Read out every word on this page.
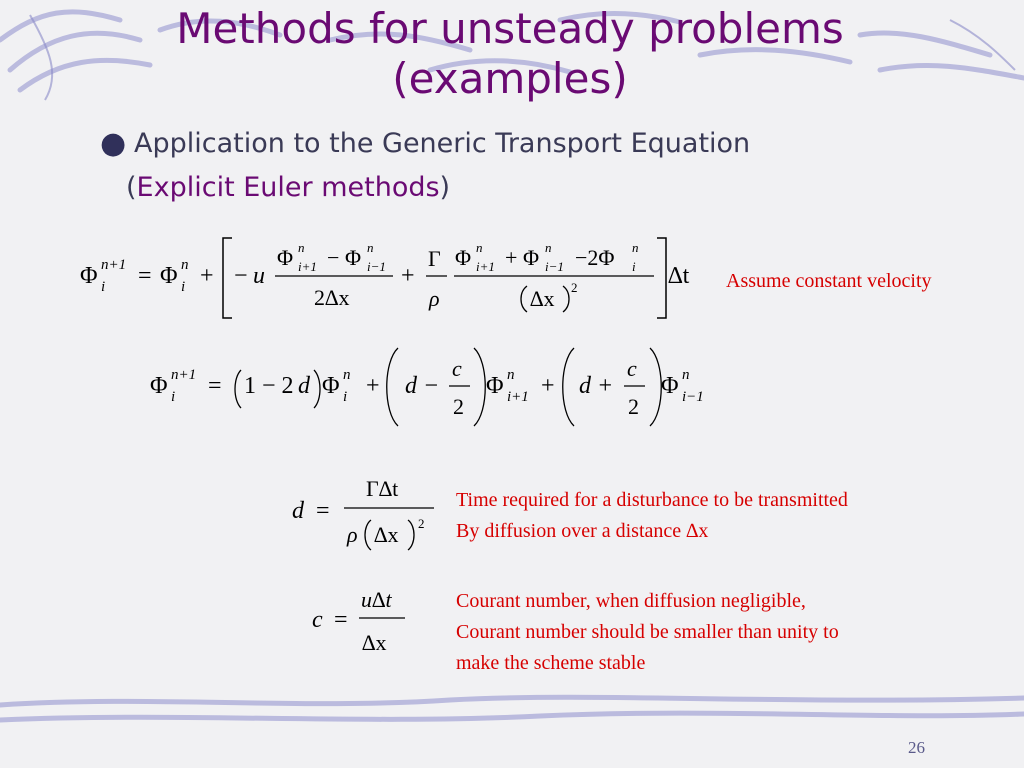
Methods for unsteady problems
(examples)
● Application to the Generic Transport Equation
(Explicit Euler methods)
Φ n+1
i = Φ n
i + − u
Φ n
i+1 − Φ n
i−1
2∆x
+
Γ
ρ
Φ n
i+1 + Φ n
i−1 −2Φ n
i
∆x 2	∆t
Φ n+1
i = 1 − 2 d Φ n
i + d −
c
2
Φ n
i+1 + d +
c
2
Φ n
i−1
d =
Γ∆t
ρ ∆x 2
c =
u∆t
∆x
Assume constant velocity
Time required for a disturbance to be transmitted
By diffusion over a distance ∆x
Courant number, when diffusion negligible,
Courant number should be smaller than unity to
make the scheme stable
26
